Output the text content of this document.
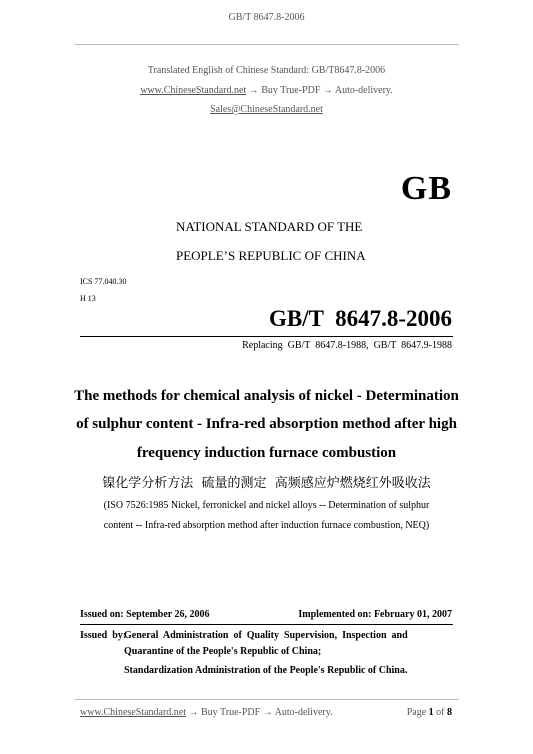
GB/T 8647.8-2006
Translated English of Chinese Standard: GB/T8647.8-2006
www.ChineseStandard.net → Buy True-PDF → Auto-delivery.
Sales@ChineseStandard.net
GB
NATIONAL STANDARD OF THE
PEOPLE’S REPUBLIC OF CHINA
ICS 77.040.30
H 13
GB/T  8647.8-2006
Replacing  GB/T  8647.8-1988,  GB/T  8647.9-1988
The methods for chemical analysis of nickel - Determination
of sulphur content - Infra-red absorption method after high
frequency induction furnace combustion
镍化学分析方法  硫量的测定  高频感应炉燃烧红外吸收法
(ISO 7526:1985 Nickel, ferronickel and nickel alloys -- Determination of sulphur
content -- Infra-red absorption method after induction furnace combustion, NEQ)
Issued on: September 26, 2006	Implemented on: February 01, 2007
Issued  by:
General  Administration  of  Quality  Supervision,  Inspection  and
Quarantine of the People's Republic of China;
Standardization Administration of the People's Republic of China.
www.ChineseStandard.net → Buy True-PDF → Auto-delivery.	Page 1 of 8
